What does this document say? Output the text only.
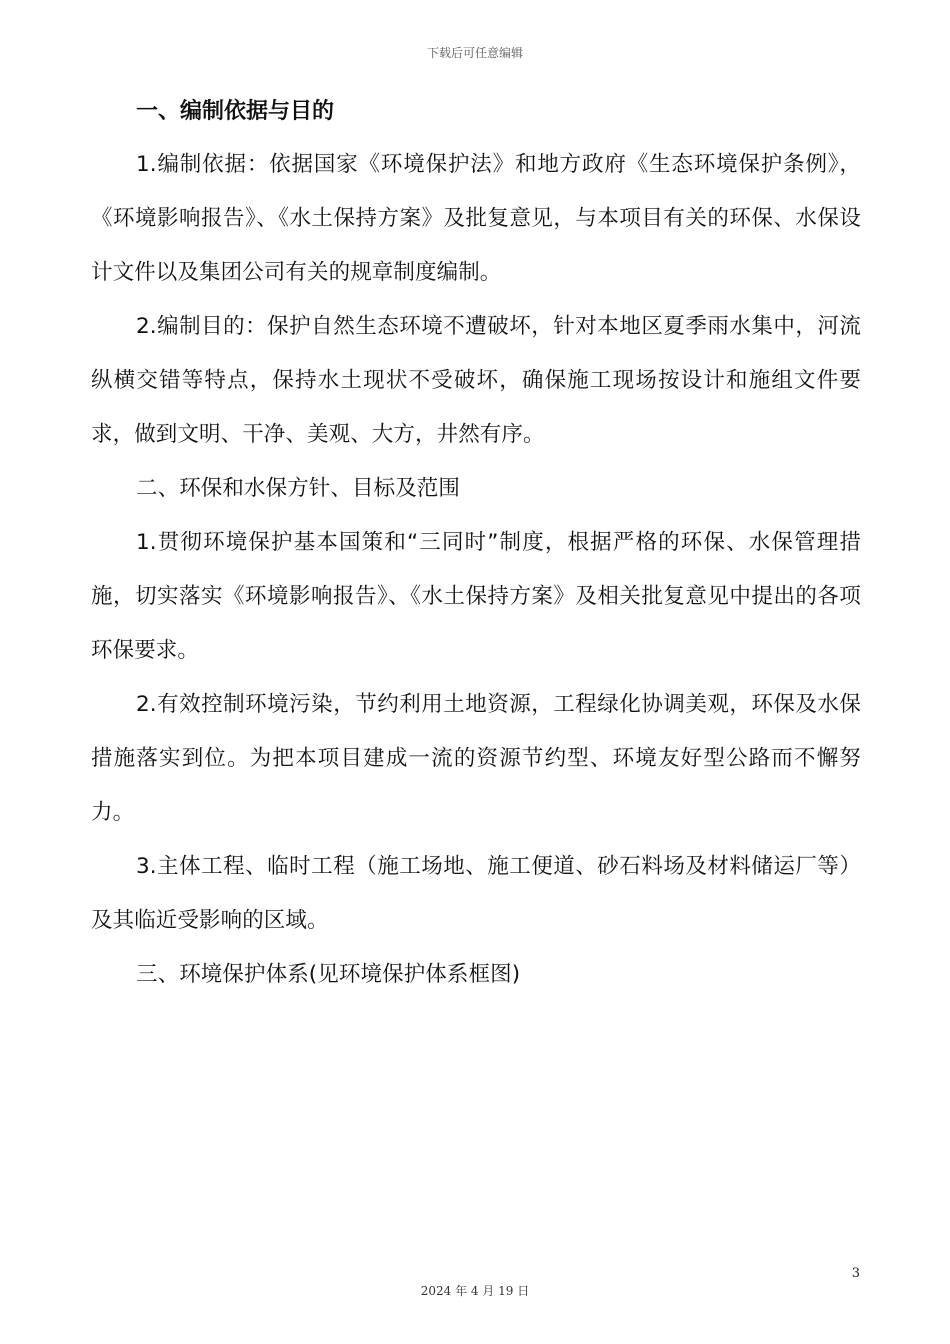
下载后可任意编辑
一、编制依据与目的

1.编制依据：依据国家《环境保护法》和地方政府《生态环境保护条例》，《环境影响报告》、《水土保持方案》及批复意见，与本项目有关的环保、水保设计文件以及集团公司有关的规章制度编制。

2.编制目的：保护自然生态环境不遭破坏，针对本地区夏季雨水集中，河流纵横交错等特点，保持水土现状不受破坏，确保施工现场按设计和施组文件要求，做到文明、干净、美观、大方，井然有序。

二、环保和水保方针、目标及范围

1.贯彻环境保护基本国策和“三同时”制度，根据严格的环保、水保管理措施，切实落实《环境影响报告》、《水土保持方案》及相关批复意见中提出的各项环保要求。

2.有效控制环境污染，节约利用土地资源，工程绿化协调美观，环保及水保措施落实到位。为把本项目建成一流的资源节约型、环境友好型公路而不懈努力。

3.主体工程、临时工程（施工场地、施工便道、砂石料场及材料储运厂等）及其临近受影响的区域。

三、环境保护体系(见环境保护体系框图)

3
2024 年 4 月 19 日
